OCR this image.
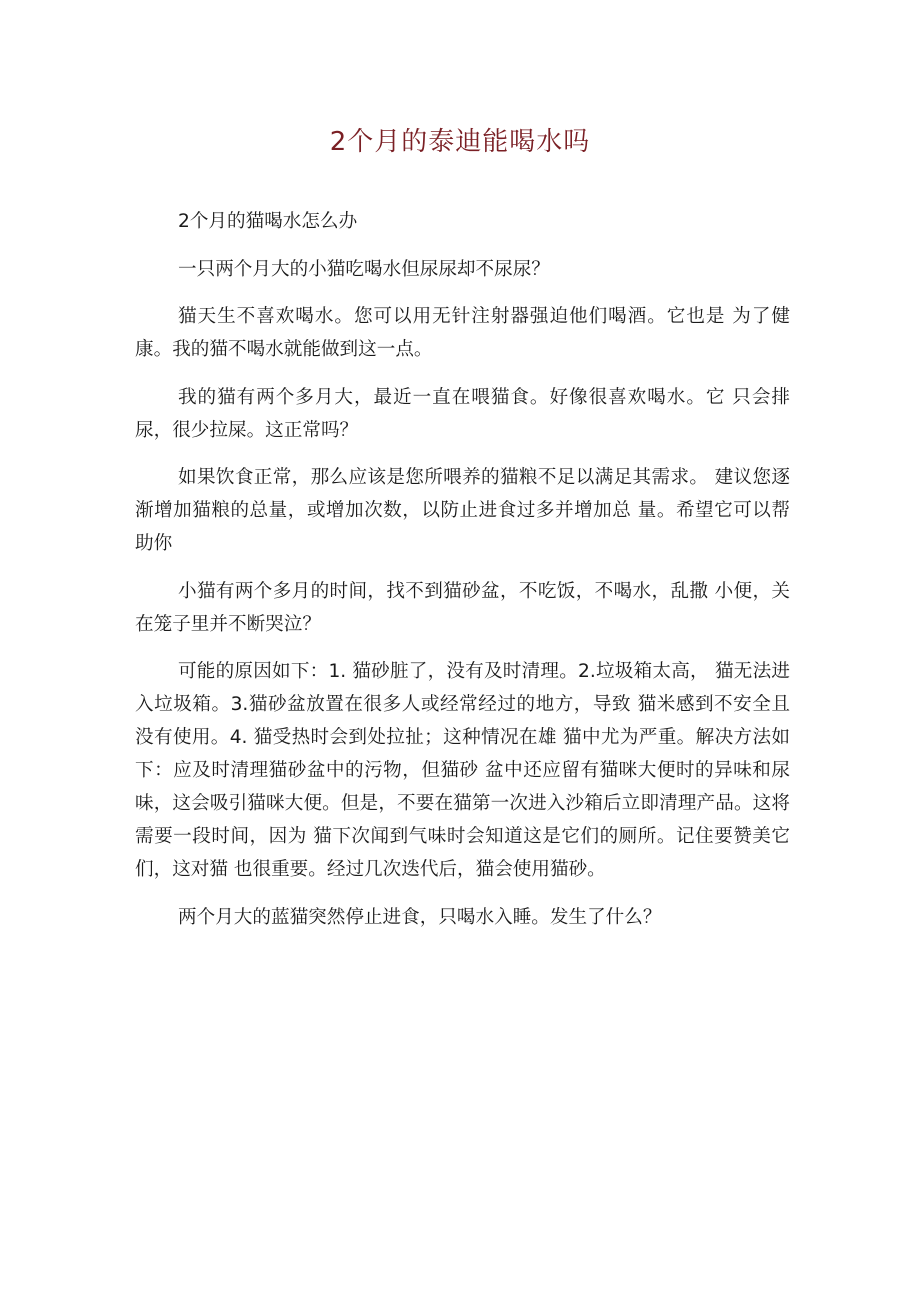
2个月的泰迪能喝水吗

2个月的猫喝水怎么办

一只两个月大的小猫吃喝水但尿尿却不尿尿？

猫天生不喜欢喝水。您可以用无针注射器强迫他们喝酒。它也是 为了健康。我的猫不喝水就能做到这一点。

我的猫有两个多月大，最近一直在喂猫食。好像很喜欢喝水。它 只会排尿，很少拉屎。这正常吗？

如果饮食正常，那么应该是您所喂养的猫粮不足以满足其需求。 建议您逐渐增加猫粮的总量，或增加次数，以防止进食过多并增加总 量。希望它可以帮助你

小猫有两个多月的时间，找不到猫砂盆，不吃饭，不喝水，乱撒 小便，关在笼子里并不断哭泣？

可能的原因如下：1. 猫砂脏了，没有及时清理。2.垃圾箱太高， 猫无法进入垃圾箱。3.猫砂盆放置在很多人或经常经过的地方，导致 猫米感到不安全且没有使用。4. 猫受热时会到处拉扯；这种情况在雄 猫中尤为严重。解决方法如下：应及时清理猫砂盆中的污物，但猫砂 盆中还应留有猫咪大便时的异味和尿味，这会吸引猫咪大便。但是，不要在猫第一次进入沙箱后立即清理产品。这将需要一段时间，因为 猫下次闻到气味时会知道这是它们的厕所。记住要赞美它们，这对猫 也很重要。经过几次迭代后，猫会使用猫砂。

两个月大的蓝猫突然停止进食，只喝水入睡。发生了什么？
